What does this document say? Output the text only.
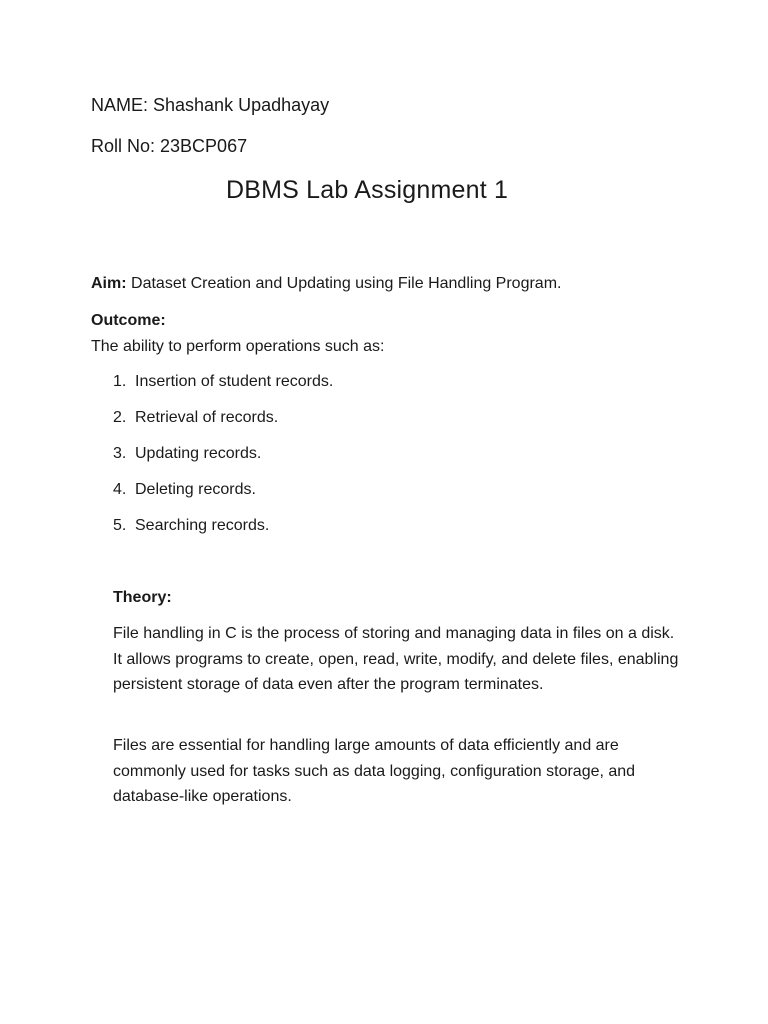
NAME: Shashank Upadhayay
Roll No: 23BCP067
DBMS Lab Assignment 1
Aim: Dataset Creation and Updating using File Handling Program.
Outcome:
The ability to perform operations such as:
1. Insertion of student records.
2. Retrieval of records.
3. Updating records.
4. Deleting records.
5. Searching records.
Theory:
File handling in C is the process of storing and managing data in files on a disk. It allows programs to create, open, read, write, modify, and delete files, enabling persistent storage of data even after the program terminates.
Files are essential for handling large amounts of data efficiently and are commonly used for tasks such as data logging, configuration storage, and database-like operations.
